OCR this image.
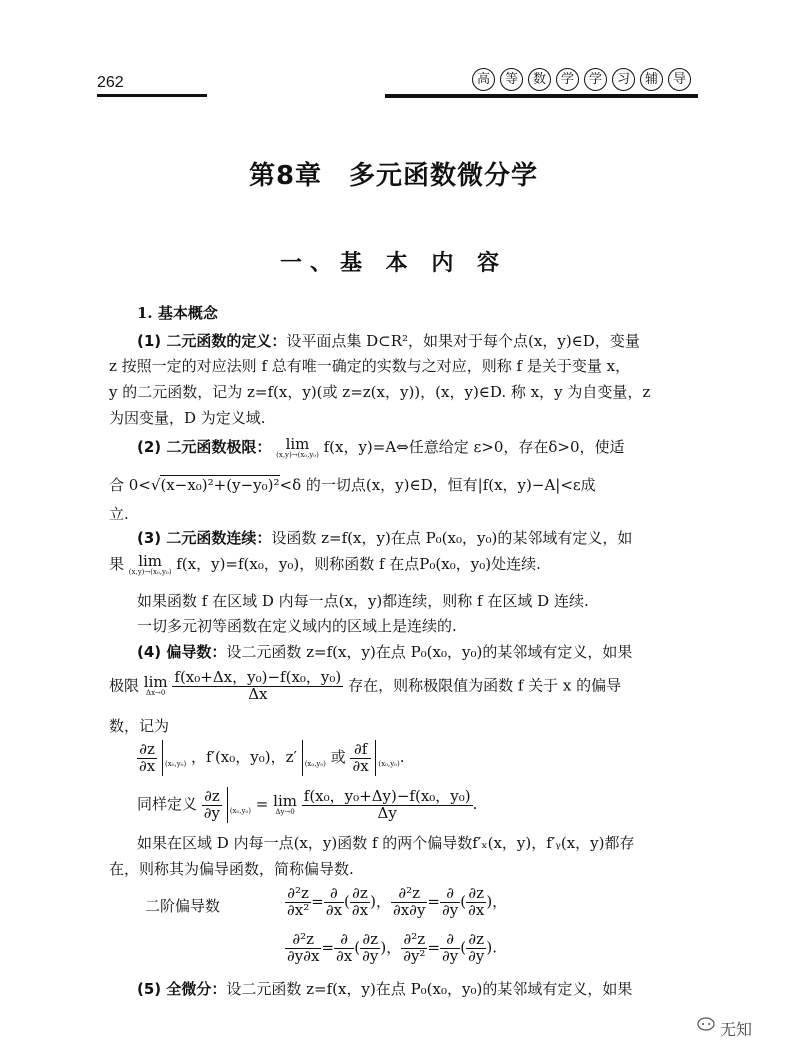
262	高 等 数 学 学 习 辅 导
第8章　多元函数微分学
一、基 本 内 容
1. 基本概念
(1) 二元函数的定义：设平面点集 D⊂R²，如果对于每个点(x，y)∈D，变量
z 按照一定的对应法则 f 总有唯一确定的实数与之对应，则称 f 是关于变量 x，
y 的二元函数，记为 z=f(x，y)(或 z=z(x，y))，(x，y)∈D. 称 x，y 为自变量，z
为因变量，D 为定义域.
(2) 二元函数极限： lim
(x,y)→(x₀,y₀) f(x，y)=A⇔任意给定 ε>0，存在δ>0，使适
合 0<√(x−x₀)²+(y−y₀)²<δ 的一切点(x，y)∈D，恒有|f(x，y)−A|<ε成
立.
(3) 二元函数连续：设函数 z=f(x，y)在点 P₀(x₀，y₀)的某邻域有定义，如
果 lim
(x,y)→(x₀,y₀) f(x，y)=f(x₀，y₀)，则称函数 f 在点P₀(x₀，y₀)处连续.
如果函数 f 在区域 D 内每一点(x，y)都连续，则称 f 在区域 D 连续.
一切多元初等函数在定义域内的区域上是连续的.
(4) 偏导数：设二元函数 z=f(x，y)在点 P₀(x₀，y₀)的某邻域有定义，如果
极限 lim
Δx→0
$\frac{\text{f(x₀+Δx，y₀)−f(x₀，y₀)}}{\Delta x}$ 存在，则称极限值为函数 f 关于 x 的偏导
数，记为
$\frac{\partial z}{\partial x} (x_0,y_0)$ ，f′(x₀，y₀)，z′ (x₀,y₀) 或 $\frac{\partial f}{\partial x} (x_0,y_0)$.
同样定义 $\frac{\partial z}{\partial y} (x_0,y_0) = \lim$
Δy→0
$\frac{\text{f(x₀，y₀+Δy)−f(x₀，y₀)}}{\Delta y}$ .
如果在区域 D 内每一点(x，y)函数 f 的两个偏导数f′ₓ(x，y)，f′ᵧ(x，y)都存
在，则称其为偏导函数，简称偏导数.
二阶偏导数	$\frac{\text{∂²z}}{\text{∂x²}} = \frac{\partial}{\partial x}$ ( $\frac{\partial z}{\partial x}$ )， $\frac{\text{∂²z}}{\partial x\partial y} = \frac{\partial}{\partial y}$ ( $\frac{\partial z}{\partial x}$ )，
$\frac{\text{∂²z}}{\partial y\partial x} = \frac{\partial}{\partial x}$ ( $\frac{\partial z}{\partial y}$ )， $\frac{\text{∂²z}}{\text{∂y²}} = \frac{\partial}{\partial y}$ ( $\frac{\partial z}{\partial y}$ ).
(5) 全微分：设二元函数 z=f(x，y)在点 P₀(x₀，y₀)的某邻域有定义，如果
无知
